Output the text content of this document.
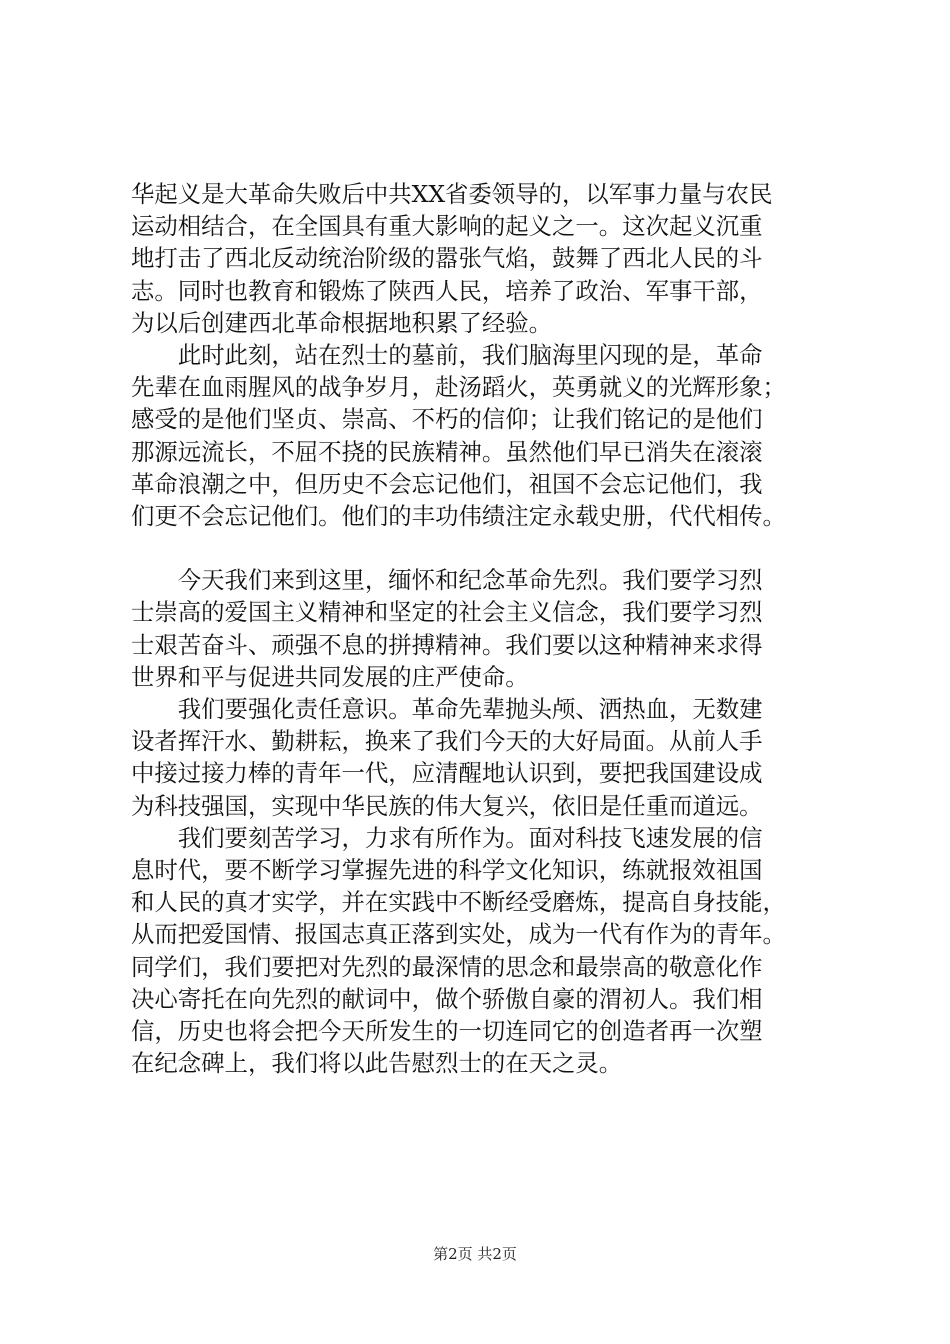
华起义是大革命失败后中共XX省委领导的，以军事力量与农民
运动相结合，在全国具有重大影响的起义之一。这次起义沉重
地打击了西北反动统治阶级的嚣张气焰，鼓舞了西北人民的斗
志。同时也教育和锻炼了陕西人民，培养了政治、军事干部，
为以后创建西北革命根据地积累了经验。
　　此时此刻，站在烈士的墓前，我们脑海里闪现的是，革命
先辈在血雨腥风的战争岁月，赴汤蹈火，英勇就义的光辉形象；
感受的是他们坚贞、崇高、不朽的信仰；让我们铭记的是他们
那源远流长，不屈不挠的民族精神。虽然他们早已消失在滚滚
革命浪潮之中，但历史不会忘记他们，祖国不会忘记他们，我
们更不会忘记他们。他们的丰功伟绩注定永载史册，代代相传。
　　今天我们来到这里，缅怀和纪念革命先烈。我们要学习烈
士崇高的爱国主义精神和坚定的社会主义信念，我们要学习烈
士艰苦奋斗、顽强不息的拼搏精神。我们要以这种精神来求得
世界和平与促进共同发展的庄严使命。
　　我们要强化责任意识。革命先辈抛头颅、洒热血，无数建
设者挥汗水、勤耕耘，换来了我们今天的大好局面。从前人手
中接过接力棒的青年一代，应清醒地认识到，要把我国建设成
为科技强国，实现中华民族的伟大复兴，依旧是任重而道远。
　　我们要刻苦学习，力求有所作为。面对科技飞速发展的信
息时代，要不断学习掌握先进的科学文化知识，练就报效祖国
和人民的真才实学，并在实践中不断经受磨炼，提高自身技能，
从而把爱国情、报国志真正落到实处，成为一代有作为的青年。
同学们，我们要把对先烈的最深情的思念和最崇高的敬意化作
决心寄托在向先烈的献词中，做个骄傲自豪的渭初人。我们相
信，历史也将会把今天所发生的一切连同它的创造者再一次塑
在纪念碑上，我们将以此告慰烈士的在天之灵。
第2页 共2页
